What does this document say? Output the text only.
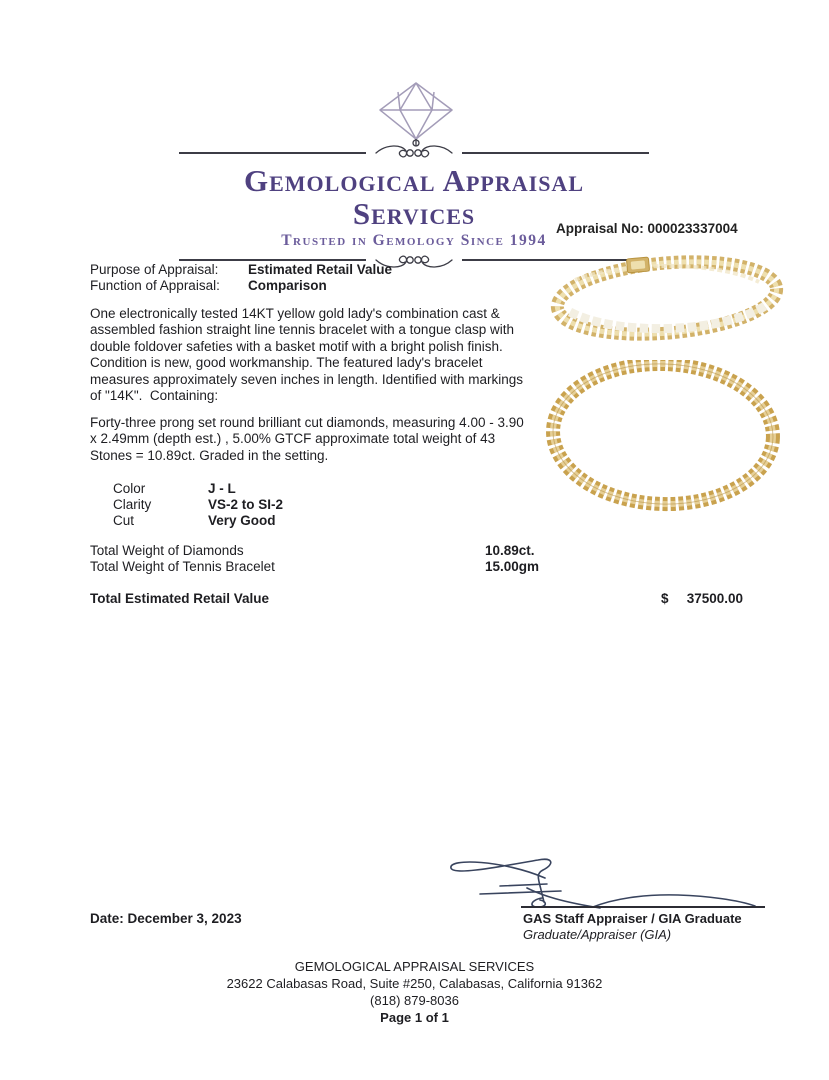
Gemological Appraisal Services
Trusted in Gemology Since 1994
Appraisal No: 000023337004
Purpose of Appraisal: Estimated Retail Value
Function of Appraisal: Comparison
One electronically tested 14KT yellow gold lady's combination cast & assembled fashion straight line tennis bracelet with a tongue clasp with double foldover safeties with a basket motif with a bright polish finish. Condition is new, good workmanship. The featured lady's bracelet measures approximately seven inches in length. Identified with markings of "14K".  Containing:
Forty-three prong set round brilliant cut diamonds, measuring 4.00 - 3.90 x 2.49mm (depth est.) , 5.00% GTCF approximate total weight of 43 Stones = 10.89ct. Graded in the setting.
Color	J - L
Clarity	VS-2 to SI-2
Cut	Very Good
Total Weight of Diamonds	10.89ct.
Total Weight of Tennis Bracelet	15.00gm
Total Estimated Retail Value	$ 37500.00
Date: December 3, 2023	GAS Staff Appraiser / GIA Graduate
Graduate/Appraiser (GIA)
GEMOLOGICAL APPRAISAL SERVICES
23622 Calabasas Road, Suite #250, Calabasas, California 91362
(818) 879-8036
Page 1 of 1
